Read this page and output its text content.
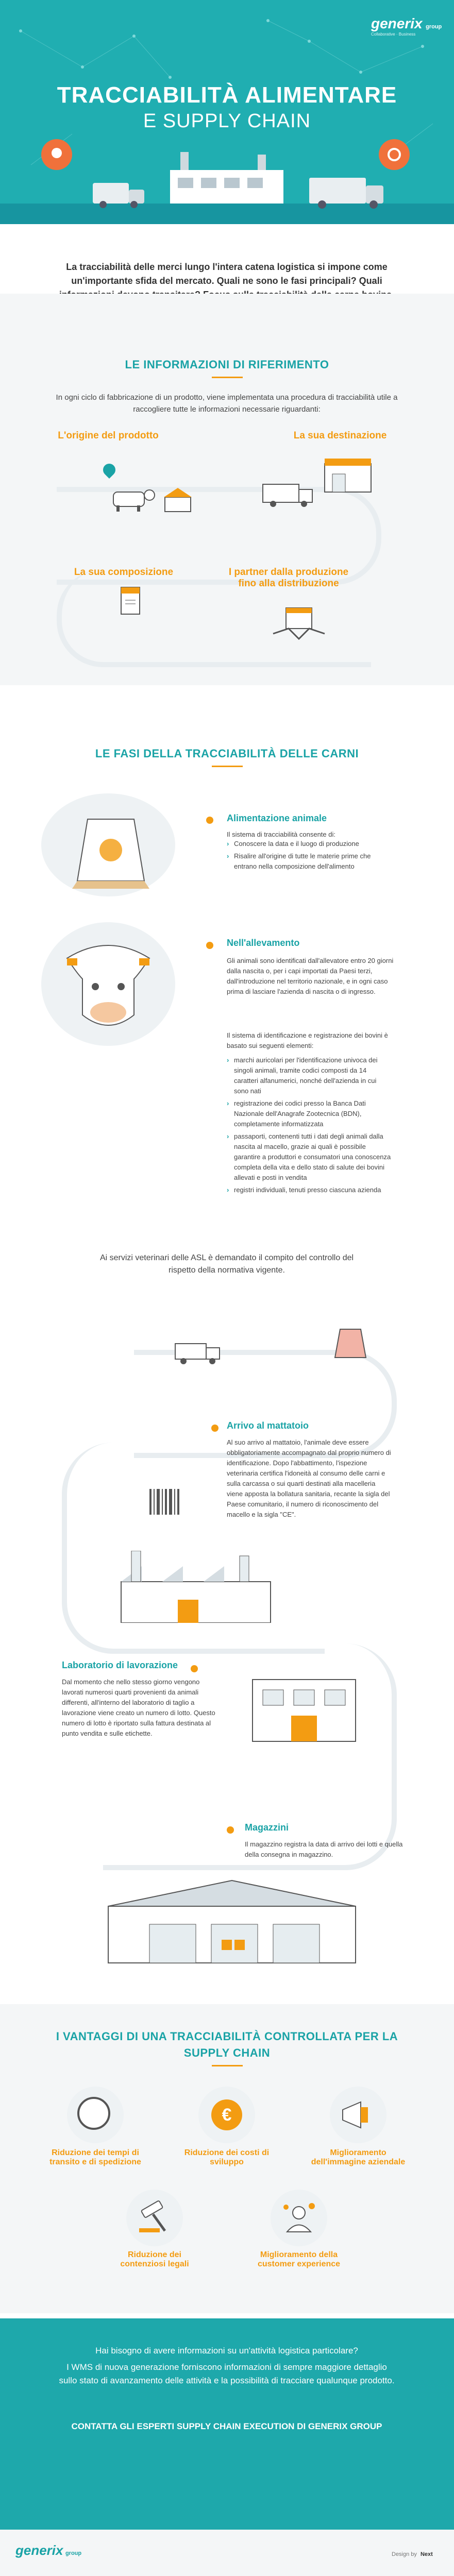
generix group
Collaborative · Business
TRACCIABILITÀ ALIMENTARE
E SUPPLY CHAIN
La tracciabilità delle merci lungo l'intera catena logistica si impone come un'importante sfida del mercato. Quali ne sono le fasi principali? Quali
LE INFORMAZIONI DI RIFERIMENTO
In ogni ciclo di fabbricazione di un prodotto, viene implementata una procedura di tracciabilità utile a raccogliere tutte le informazioni necessarie riguardanti:
L'origine del prodotto	La sua destinazione
La sua composizione	I partner dalla produzione fino alla distribuzione
LE FASI DELLA TRACCIABILITÀ DELLE CARNI
Alimentazione animale
Il sistema di tracciabilità consente di:
› Conoscere la data e il luogo di produzione
› Risalire all'origine di tutte le materie prime che entrano nella composizione dell'alimento
Nell'allevamento
Gli animali sono identificati dall'allevatore entro 20 giorni dalla nascita o, per i capi importati da Paesi terzi, dall'introduzione nel territorio nazionale, e in ogni caso prima di lasciare l'azienda di nascita o di ingresso.
Il sistema di identificazione e registrazione dei bovini è basato sui seguenti elementi:
› marchi auricolari per l'identificazione univoca dei singoli animali, tramite codici composti da 14 caratteri alfanumerici, nonché dell'azienda in cui sono nati
› registrazione dei codici presso la Banca Dati Nazionale dell'Anagrafe Zootecnica (BDN), completamente informatizzata
› passaporti, contenenti tutti i dati degli animali dalla nascita al macello, grazie ai quali è possibile garantire a produttori e consumatori una conoscenza completa della vita e dello stato di salute dei bovini allevati e posti in vendita
› registri individuali, tenuti presso ciascuna azienda
Ai servizi veterinari delle ASL è demandato il compito del controllo del rispetto della normativa vigente.
Arrivo al mattatoio
Al suo arrivo al mattatoio, l'animale deve essere obbligatoriamente accompagnato dal proprio numero di identificazione. Dopo l'abbattimento, l'ispezione veterinaria certifica l'idoneità al consumo delle carni e sulla carcassa o sui quarti destinati alla macelleria viene apposta la bollatura sanitaria, recante la sigla del Paese comunitario, il numero di riconoscimento del macello e la sigla "CE".
Laboratorio di lavorazione
Dal momento che nello stesso giorno vengono lavorati numerosi quarti provenienti da animali differenti, all'interno del laboratorio di taglio a lavorazione viene creato un numero di lotto. Questo numero di lotto è riportato sulla fattura destinata al punto vendita e sulle etichette.
Magazzini
Il magazzino registra la data di arrivo dei lotti e quella della consegna in magazzino.
I VANTAGGI DI UNA TRACCIABILITÀ CONTROLLATA PER LA
SUPPLY CHAIN
Riduzione dei tempi di transito e di spedizione
€
Riduzione dei costi di sviluppo
Miglioramento dell'immagine aziendale
Riduzione dei contenziosi legali
Miglioramento della customer experience
Hai bisogno di avere informazioni su un'attività logistica particolare?
I WMS di nuova generazione forniscono informazioni di sempre maggiore dettaglio sullo stato di avanzamento delle attività e la possibilità di tracciare qualunque prodotto.
CONTATTA GLI ESPERTI SUPPLY CHAIN EXECUTION DI GENERIX GROUP
generix group	Design by Next
